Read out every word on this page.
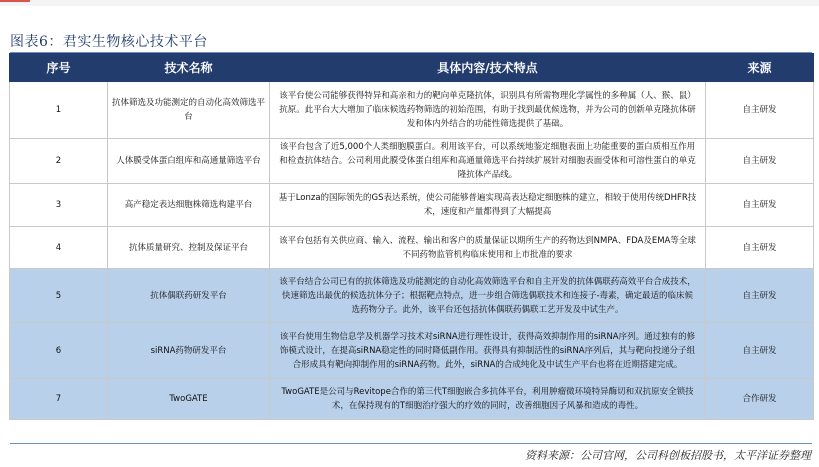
图表6：君实生物核心技术平台
序号	技术名称	具体内容/技术特点	来源
1	抗体筛选及功能测定的自动化高效筛选平台	该平台使公司能够获得特异和高亲和力的靶向单克隆抗体，识别具有所需物理化学属性的多种属（人、猴、鼠）抗原。此平台大大增加了临床候选药物筛选的初始范围，有助于找到最优候选物，并为公司的创新单克隆抗体研发和体内外结合的功能性筛选提供了基础。	自主研发
2	人体膜受体蛋白组库和高通量筛选平台	该平台包含了近5,000个人类细胞膜蛋白。利用该平台，可以系统地鉴定细胞表面上功能重要的蛋白质相互作用和检查抗体结合。公司利用此膜受体蛋白组库和高通量筛选平台持续扩展针对细胞表面受体和可溶性蛋白的单克隆抗体产品线。	自主研发
3	高产稳定表达细胞株筛选构建平台	基于Lonza的国际领先的GS表达系统，使公司能够普遍实现高表达稳定细胞株的建立，相较于使用传统DHFR技术，速度和产量都得到了大幅提高	自主研发
4	抗体质量研究、控制及保证平台	该平台包括有关供应商、输入、流程、输出和客户的质量保证以期所生产的药物达到NMPA、FDA及EMA等全球不同药物监管机构临床使用和上市批准的要求	自主研发
5	抗体偶联药研发平台	该平台结合公司已有的抗体筛选及功能测定的自动化高效筛选平台和自主开发的抗体偶联药高效平台合成技术，快速筛选出最优的候选抗体分子；根据靶点特点，进一步组合筛选偶联技术和连接子-毒素，确定最适的临床候选药物分子。此外，该平台还包括抗体偶联药偶联工艺开发及中试生产。	自主研发
6	siRNA药物研发平台	该平台使用生物信息学及机器学习技术对siRNA进行理性设计，获得高效抑制作用的siRNA序列。通过独有的修饰模式设计，在提高siRNA稳定性的同时降低副作用。获得具有抑制活性的siRNA序列后，其与靶向投递分子组合形成具有靶向抑制作用的siRNA药物。此外，siRNA的合成纯化及中试生产平台也将在近期搭建完成。	自主研发
7	TwoGATE	TwoGATE是公司与Revitope合作的第三代T细胞嵌合多抗体平台，利用肿瘤微环境特异酶切和双抗原安全锁技术，在保持现有的T细胞治疗强大的疗效的同时，改善细胞因子风暴和造成的毒性。	合作研发
资料来源：公司官网，公司科创板招股书，太平洋证券整理
